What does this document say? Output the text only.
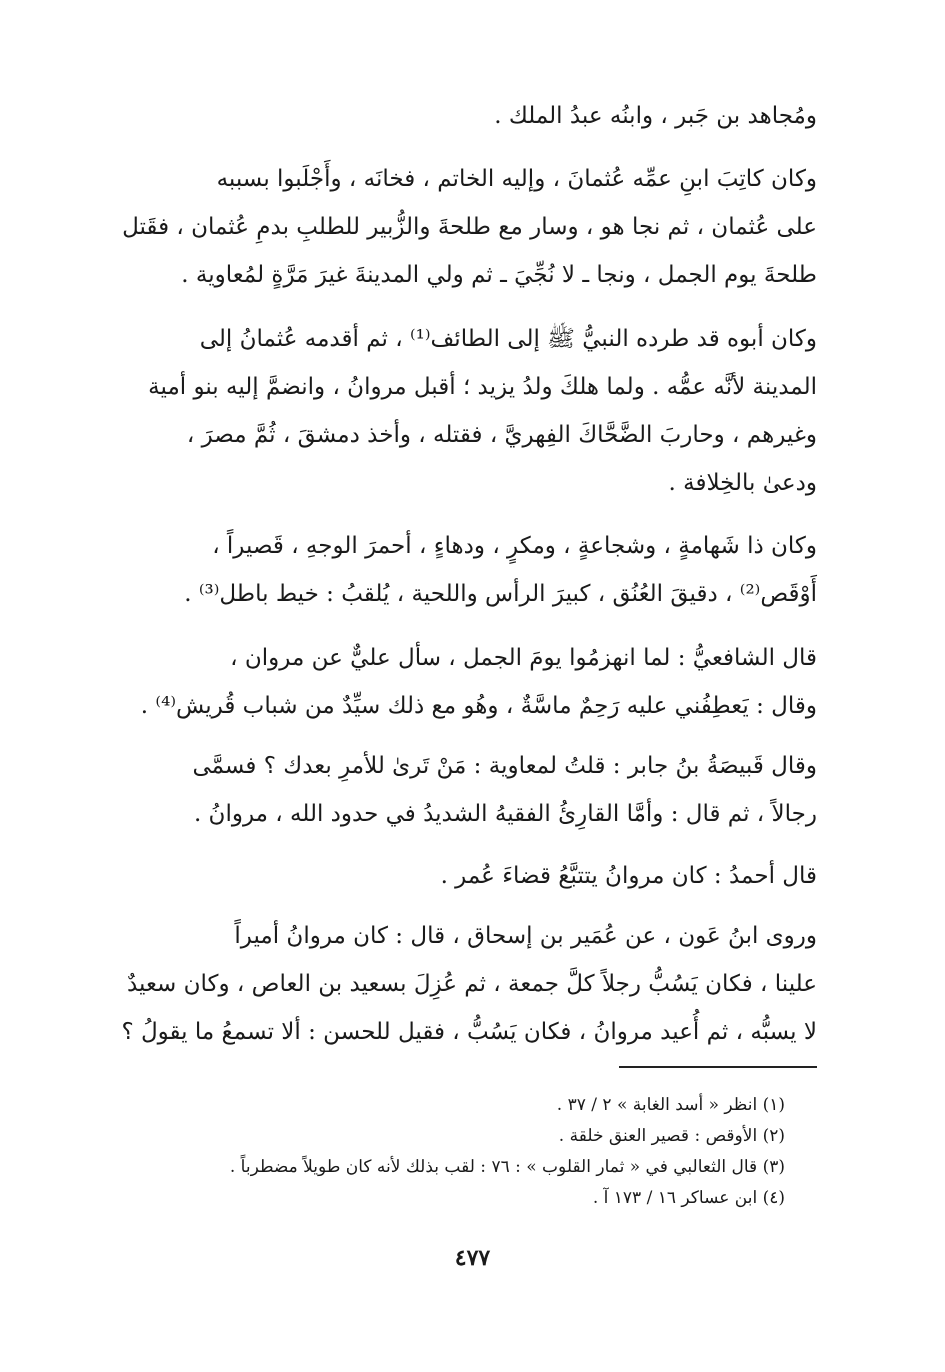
ومُجاهد بن جَبر ، وابنُه عبدُ الملك .
وكان كاتِبَ ابنِ عمِّه عُثمانَ ، وإليه الخاتم ، فخانَه ، وأَجْلَبوا بسببه
على عُثمان ، ثم نجا هو ، وسار مع طلحةَ والزُّبير للطلبِ بدمِ عُثمان ، فقَتل
طلحةَ يوم الجمل ، ونجا ـ لا نُجِّيَ ـ ثم ولي المدينةَ غيرَ مَرَّةٍ لمُعاوية .
وكان أبوه قد طرده النبيُّ ﷺ إلى الطائف⁽¹⁾ ، ثم أقدمه عُثمانُ إلى
المدينة لأنَّه عمُّه . ولما هلكَ ولدُ يزيد ؛ أقبل مروانُ ، وانضمَّ إليه بنو أمية
وغيرهم ، وحاربَ الضَّحَّاكَ الفِهريَّ ، فقتله ، وأخذ دمشقَ ، ثُمَّ مصرَ ،
ودعىٰ بالخِلافة .
وكان ذا شَهامةٍ ، وشجاعةٍ ، ومكرٍ ، ودهاءٍ ، أحمرَ الوجهِ ، قَصيراً ،
أَوْقَص⁽²⁾ ، دقيقَ العُنُق ، كبيرَ الرأس واللحية ، يُلقبُ : خيط باطل⁽³⁾ .
قال الشافعيُّ : لما انهزمُوا يومَ الجمل ، سأل عليٌّ عن مروان ،
وقال : يَعطِفُني عليه رَحِمٌ ماسَّةٌ ، وهُو مع ذلك سيِّدٌ من شباب قُريش⁽⁴⁾ .
وقال قَبيصَةُ بنُ جابر : قلتُ لمعاوية : مَنْ تَرىٰ للأمرِ بعدك ؟ فسمَّى
رجالاً ، ثم قال : وأمَّا القارِئُ الفقيهُ الشديدُ في حدود الله ، مروانُ .
قال أحمدُ : كان مروانُ يتتبَّعُ قضاءَ عُمر .
وروى ابنُ عَون ، عن عُمَير بن إسحاق ، قال : كان مروانُ أميراً
علينا ، فكان يَسُبُّ رجلاً كلَّ جمعة ، ثم عُزِلَ بسعيد بن العاص ، وكان سعيدٌ
لا يسبُّه ، ثم أُعيد مروانُ ، فكان يَسُبُّ ، فقيل للحسن : ألا تسمعُ ما يقولُ ؟
(١) انظر « أسد الغابة » ٢ / ٣٧ .
(٢) الأوقص : قصير العنق خلقة .
(٣) قال الثعالبي في « ثمار القلوب » : ٧٦ : لقب بذلك لأنه كان طويلاً مضطرباً .
(٤) ابن عساكر ١٦ / ١٧٣ آ .
٤٧٧
